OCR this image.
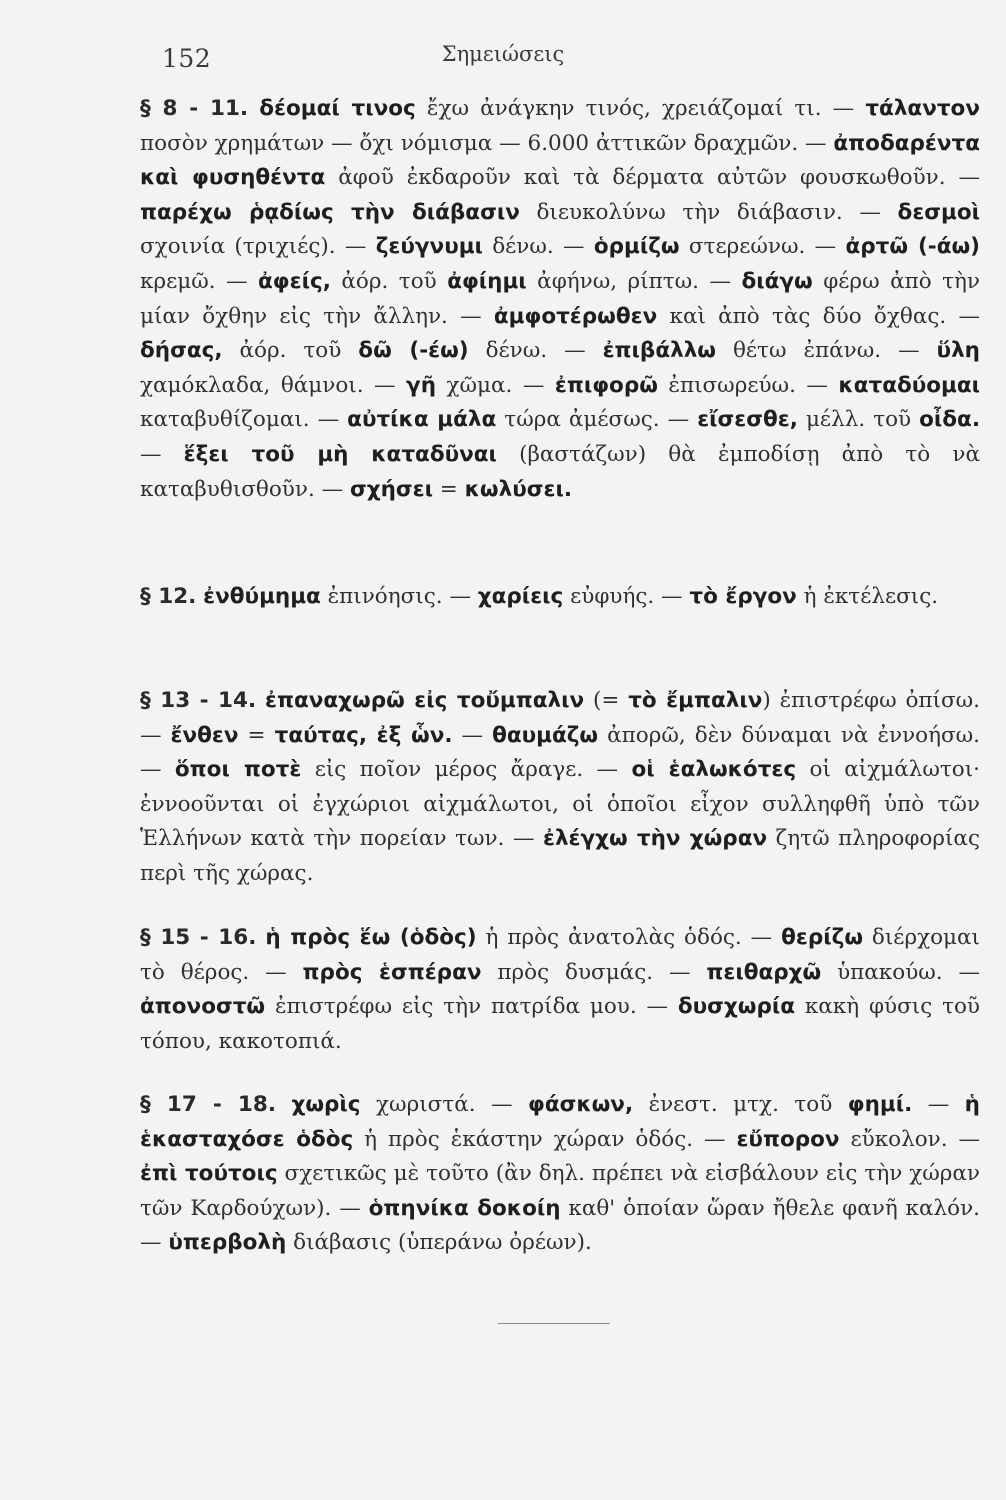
152	Σημειώσεις
§ 8 - 11. δέομαί τινος ἔχω ἀνάγκην τινός, χρειάζομαί τι. — τάλαντον ποσὸν χρημάτων — ὄχι νόμισμα — 6.000 ἀττικῶν δραχμῶν. — ἀποδαρέντα καὶ φυσηθέντα ἀφοῦ ἐκδαροῦν καὶ τὰ δέρματα αὐτῶν φουσκωθοῦν. — παρέχω ῥᾳδίως τὴν διάβασιν διευκολύνω τὴν διάβασιν. — δεσμοὶ σχοινία (τριχιές). — ζεύγνυμι δένω. — ὁρμίζω στερεώνω. — ἀρτῶ (-άω) κρεμῶ. — ἀφείς, ἀόρ. τοῦ ἀφίημι ἀφήνω, ρίπτω. — διάγω φέρω ἀπὸ τὴν μίαν ὄχθην εἰς τὴν ἄλλην. — ἀμφοτέρωθεν καὶ ἀπὸ τὰς δύο ὄχθας. — δήσας, ἀόρ. τοῦ δῶ (-έω) δένω. — ἐπιβάλλω θέτω ἐπάνω. — ὕλη χαμόκλαδα, θάμνοι. — γῆ χῶμα. — ἐπιφορῶ ἐπισωρεύω. — καταδύομαι καταβυθίζομαι. — αὐτίκα μάλα τώρα ἀμέσως. — εἴσεσθε, μέλλ. τοῦ οἶδα. — ἕξει τοῦ μὴ καταδῦναι (βαστάζων) θὰ ἐμποδίσῃ ἀπὸ τὸ νὰ καταβυθισθοῦν. — σχήσει = κωλύσει.
§ 12. ἐνθύμημα ἐπινόησις. — χαρίεις εὐφυής. — τὸ ἔργον ἡ ἐκτέλεσις.
§ 13 - 14. ἐπαναχωρῶ εἰς τοὔμπαλιν (= τὸ ἔμπαλιν) ἐπιστρέφω ὀπίσω. — ἔνθεν = ταύτας, ἐξ ὧν. — θαυμάζω ἀπορῶ, δὲν δύναμαι νὰ ἐννοήσω. — ὅποι ποτὲ εἰς ποῖον μέρος ἄραγε. — οἱ ἑαλωκότες οἱ αἰχμάλωτοι· ἐννοοῦνται οἱ ἐγχώριοι αἰχμάλωτοι, οἱ ὁποῖοι εἶχον συλληφθῆ ὑπὸ τῶν Ἑλλήνων κατὰ τὴν πορείαν των. — ἐλέγχω τὴν χώραν ζητῶ πληροφορίας περὶ τῆς χώρας.
§ 15 - 16. ἡ πρὸς ἕω (ὁδὸς) ἡ πρὸς ἀνατολὰς ὁδός. — θερίζω διέρχομαι τὸ θέρος. — πρὸς ἑσπέραν πρὸς δυσμάς. — πειθαρχῶ ὑπακούω. — ἀπονοστῶ ἐπιστρέφω εἰς τὴν πατρίδα μου. — δυσχωρία κακὴ φύσις τοῦ τόπου, κακοτοπιά.
§ 17 - 18. χωρὶς χωριστά. — φάσκων, ἐνεστ. μτχ. τοῦ φημί. — ἡ ἑκασταχόσε ὁδὸς ἡ πρὸς ἑκάστην χώραν ὁδός. — εὔπορον εὔκολον. — ἐπὶ τούτοις σχετικῶς μὲ τοῦτο (ἂν δηλ. πρέπει νὰ εἰσβάλουν εἰς τὴν χώραν τῶν Καρδούχων). — ὁπηνίκα δοκοίη καθ' ὁποίαν ὥραν ἤθελε φανῆ καλόν. — ὑπερβολὴ διάβασις (ὑπεράνω ὀρέων).
